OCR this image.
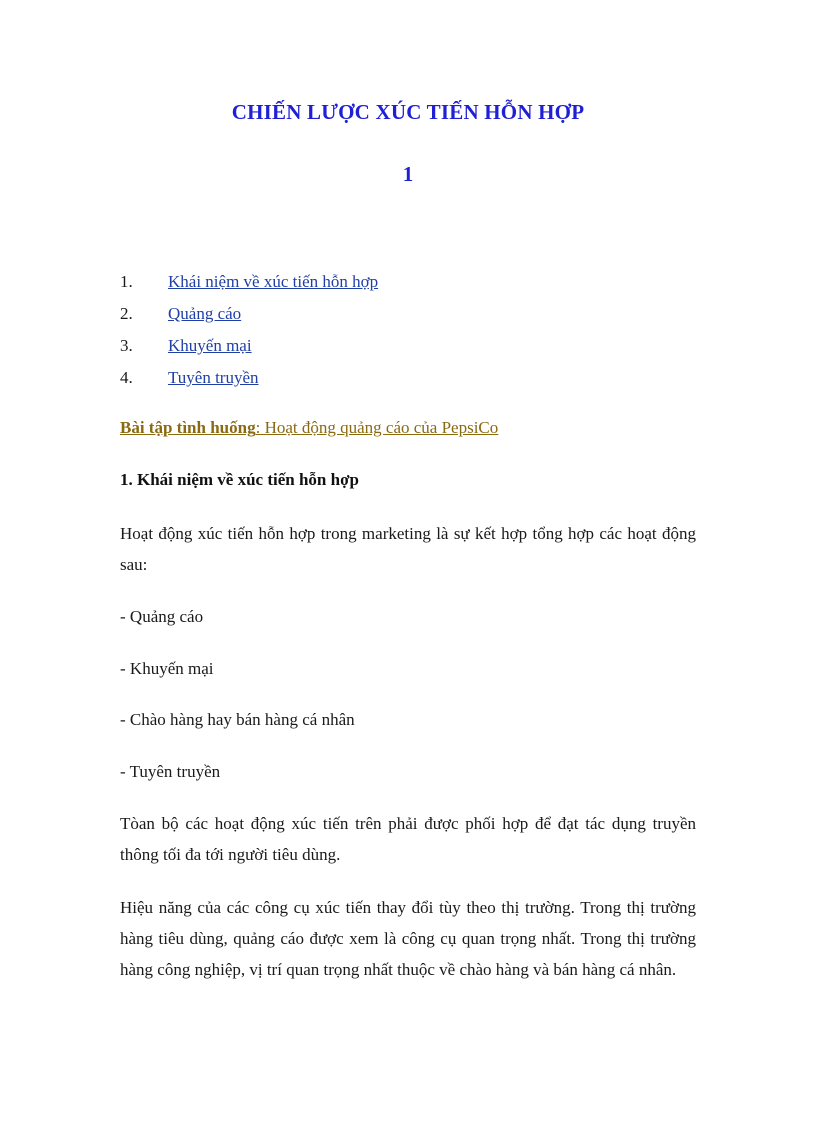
CHIẾN LƯỢC XÚC TIẾN HỖN HỢP
1
1. Khái niệm về xúc tiến hỗn hợp
2. Quảng cáo
3. Khuyến mại
4. Tuyên truyền
Bài tập tình huống: Hoạt động quảng cáo của PepsiCo
1. Khái niệm về xúc tiến hỗn hợp

Hoạt động xúc tiến hỗn hợp trong marketing là sự kết hợp tổng hợp các hoạt động sau:

- Quảng cáo

- Khuyến mại

- Chào hàng hay bán hàng cá nhân

- Tuyên truyền

Tòan bộ các hoạt động xúc tiến trên phải được phối hợp để đạt tác dụng truyền thông tối đa tới người tiêu dùng.

Hiệu năng của các công cụ xúc tiến thay đổi tùy theo thị trường. Trong thị trường hàng tiêu dùng, quảng cáo được xem là công cụ quan trọng nhất. Trong thị trường hàng công nghiệp, vị trí quan trọng nhất thuộc về chào hàng và bán hàng cá nhân.
